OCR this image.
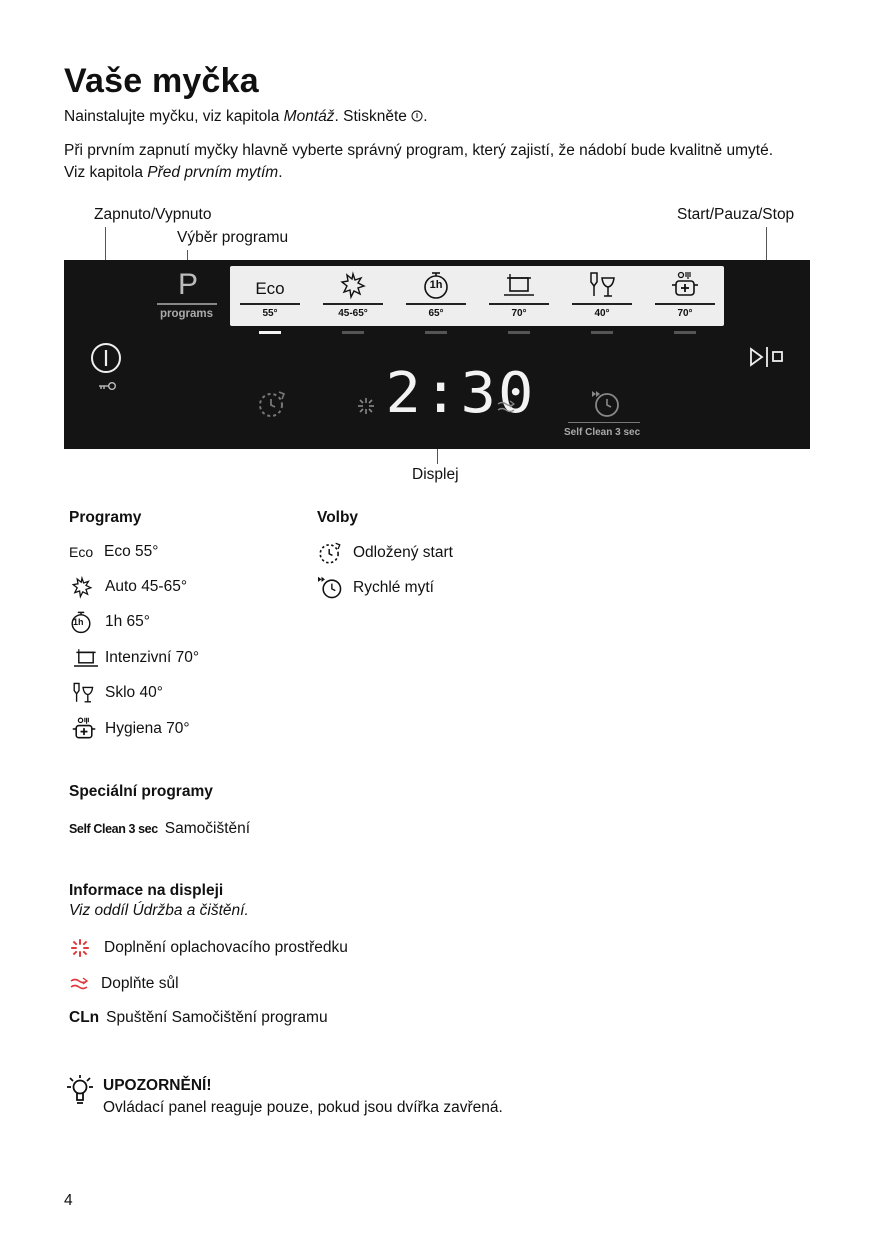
Vaše myčka

Nainstalujte myčku, viz kapitola Montáž. Stiskněte .

Při prvním zapnutí myčky hlavně vyberte správný program, který zajistí, že nádobí bude kvalitně umyté.

Viz kapitola Před prvním mytím.

Zapnuto/Vypnuto
Výběr programu
Start/Pauza/Stop
Displej
P
programs
Eco
55°	45-65°
1h
65°	70°	40°	70°
2:30
Self Clean 3 sec
Programy
Eco Eco 55°
Auto 45-65°
1h 1h 65°
Intenzivní 70°
Sklo 40°
Hygiena 70°
Volby
Odložený start
Rychlé mytí
Speciální programy
Self Clean 3 sec Samočištění
Informace na displeji
Viz oddíl Údržba a čištění.
Doplnění oplachovacího prostředku
Doplňte sůl
CLn Spuštění Samočištění programu
UPOZORNĚNÍ!
Ovládací panel reaguje pouze, pokud jsou dvířka zavřená.
4
